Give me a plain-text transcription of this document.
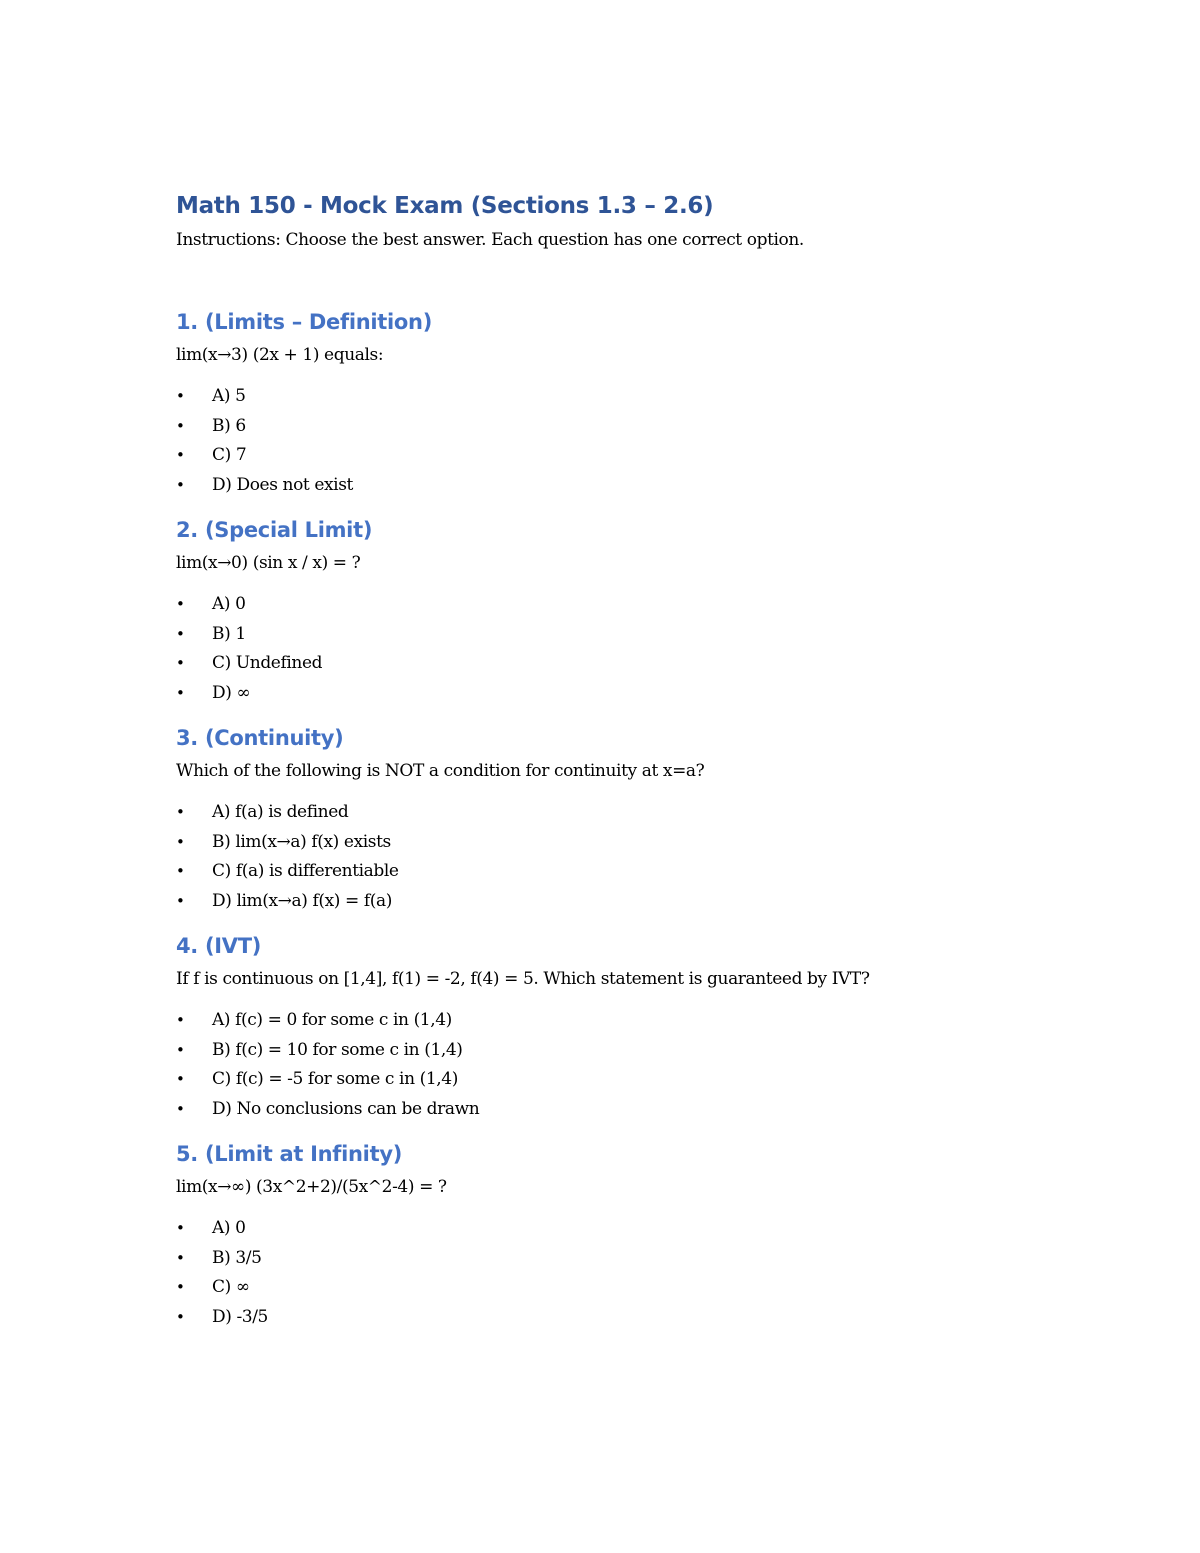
Math 150 - Mock Exam (Sections 1.3 – 2.6)

Instructions: Choose the best answer. Each question has one correct option.

1. (Limits – Definition)

lim(x→3) (2x + 1) equals:

• A) 5
• B) 6
• C) 7
• D) Does not exist
2. (Special Limit)

lim(x→0) (sin x / x) = ?

• A) 0
• B) 1
• C) Undefined
• D) ∞
3. (Continuity)

Which of the following is NOT a condition for continuity at x=a?

• A) f(a) is defined
• B) lim(x→a) f(x) exists
• C) f(a) is differentiable
• D) lim(x→a) f(x) = f(a)
4. (IVT)

If f is continuous on [1,4], f(1) = -2, f(4) = 5. Which statement is guaranteed by IVT?

• A) f(c) = 0 for some c in (1,4)
• B) f(c) = 10 for some c in (1,4)
• C) f(c) = -5 for some c in (1,4)
• D) No conclusions can be drawn
5. (Limit at Infinity)

lim(x→∞) (3x^2+2)/(5x^2-4) = ?

• A) 0
• B) 3/5
• C) ∞
• D) -3/5
